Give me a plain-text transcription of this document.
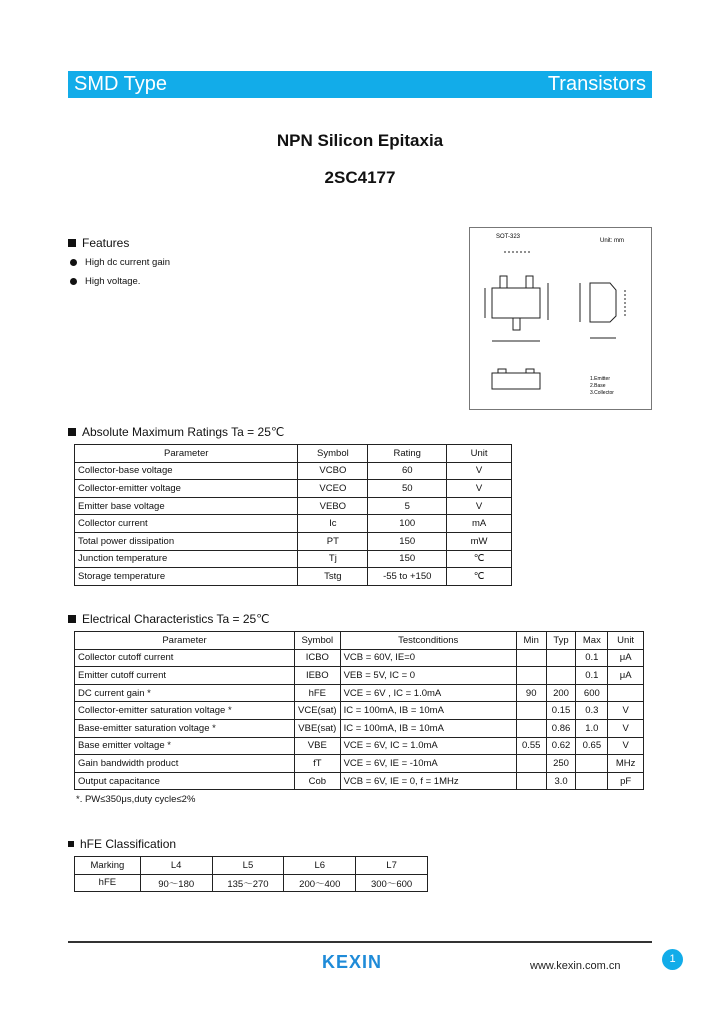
SMD Type	Transistors
NPN Silicon Epitaxia
2SC4177
Features
High dc current gain
High voltage.
SOT-323
Unit: mm
1.Emitter
2.Base
3.Collector
Absolute Maximum Ratings Ta = 25℃
Parameter	Symbol	Rating	Unit
Collector-base voltage	VCBO	60	V
Collector-emitter voltage	VCEO	50	V
Emitter base voltage	VEBO	5	V
Collector current	Ic	100	mA
Total power dissipation	PT	150	mW
Junction temperature	Tj	150	℃
Storage temperature	Tstg	-55 to +150	℃
Electrical Characteristics Ta = 25℃
Parameter	Symbol	Testconditions	Min	Typ	Max	Unit
Collector cutoff current	ICBO	VCB = 60V, IE=0			0.1	μA
Emitter cutoff current	IEBO	VEB = 5V, IC = 0			0.1	μA
DC current gain *	hFE	VCE = 6V , IC = 1.0mA	90	200	600	
Collector-emitter saturation voltage *	VCE(sat)	IC = 100mA, IB = 10mA		0.15	0.3	V
Base-emitter saturation voltage *	VBE(sat)	IC = 100mA, IB = 10mA		0.86	1.0	V
Base emitter voltage *	VBE	VCE = 6V, IC = 1.0mA	0.55	0.62	0.65	V
Gain bandwidth product	fT	VCE = 6V, IE = -10mA		250		MHz
Output capacitance	Cob	VCB = 6V, IE = 0, f = 1MHz		3.0		pF
*. PW≤350μs,duty cycle≤2%
hFE Classification
Marking	L4	L5	L6	L7
hFE	90～180	135～270	200～400	300～600
KEXIN	www.kexin.com.cn
1
